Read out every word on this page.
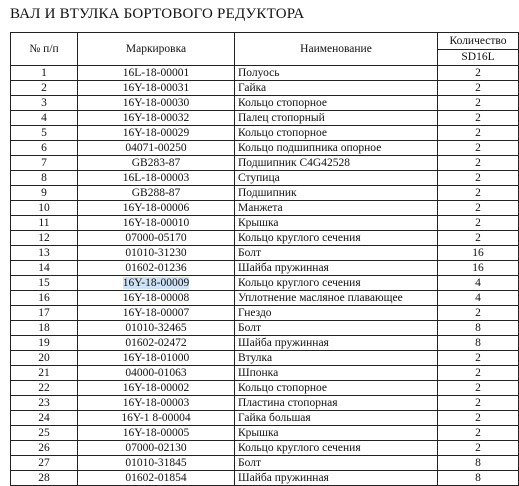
ВАЛ И ВТУЛКА БОРТОВОГО РЕДУКТОРА
№ п/п	Маркировка	Наименование	Количество
			SD16L
1	16L-18-00001	Полуось	2
2	16Y-18-00031	Гайка	2
3	16Y-18-00030	Кольцо стопорное	2
4	16Y-18-00032	Палец стопорный	2
5	16Y-18-00029	Кольцо стопорное	2
6	04071-00250	Кольцо подшипника опорное	2
7	GB283-87	Подшипник C4G42528	2
8	16L-18-00003	Ступица	2
9	GB288-87	Подшипник	2
10	16Y-18-00006	Манжета	2
11	16Y-18-00010	Крышка	2
12	07000-05170	Кольцо круглого сечения	2
13	01010-31230	Болт	16
14	01602-01236	Шайба пружинная	16
15	16Y-18-00009	Кольцо круглого сечения	4
16	16Y-18-00008	Уплотнение масляное плавающее	4
17	16Y-18-00007	Гнездо	2
18	01010-32465	Болт	8
19	01602-02472	Шайба пружинная	8
20	16Y-18-01000	Втулка	2
21	04000-01063	Шпонка	2
22	16Y-18-00002	Кольцо стопорное	2
23	16Y-18-00003	Пластина стопорная	2
24	16Y-1 8-00004	Гайка большая	2
25	16Y-18-00005	Крышка	2
26	07000-02130	Кольцо круглого сечения	2
27	01010-31845	Болт	8
28	01602-01854	Шайба пружинная	8
